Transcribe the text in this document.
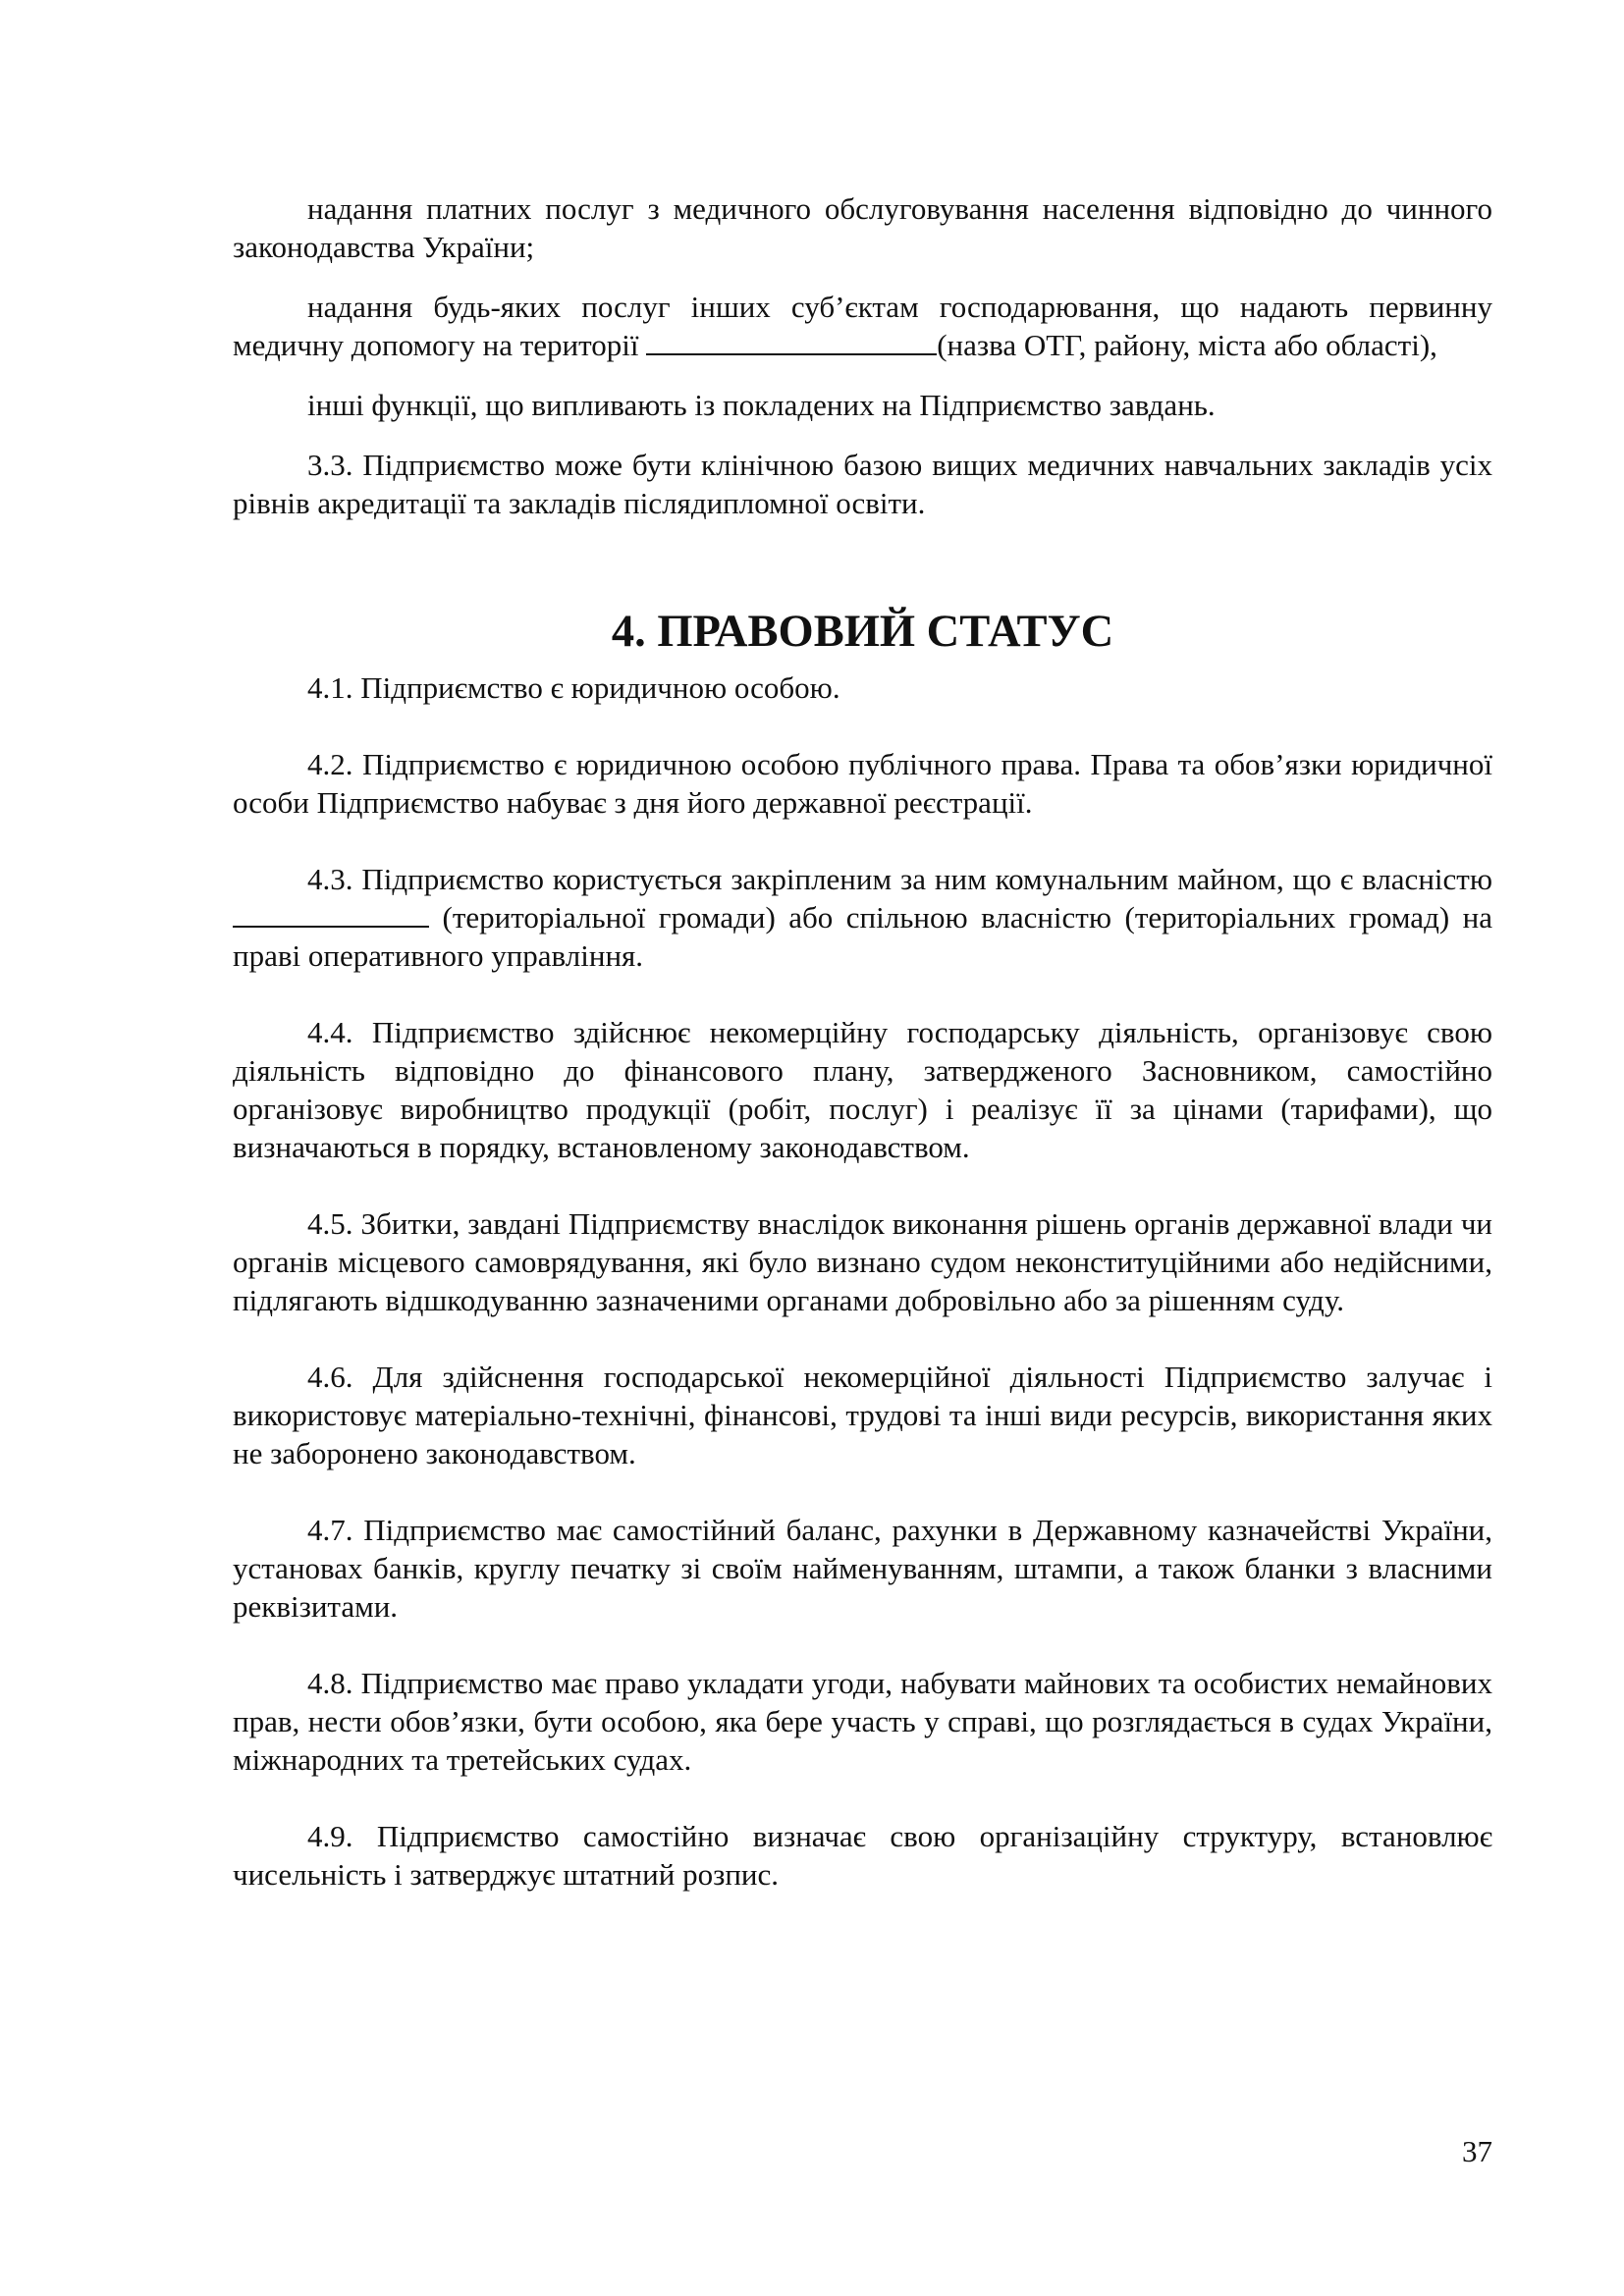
надання платних послуг з медичного обслуговування населення відповідно до чинного законодавства України;

надання будь-яких послуг інших суб’єктам господарювання, що надають первинну медичну допомогу на території	(назва ОТГ, району, міста або області),

інші функції, що випливають із покладених на Підприємство завдань.

3.3. Підприємство може бути клінічною базою вищих медичних навчальних закладів усіх рівнів акредитації та закладів післядипломної освіти.

4. ПРАВОВИЙ СТАТУС

4.1. Підприємство є юридичною особою.

4.2. Підприємство є юридичною особою публічного права. Права та обов’язки юридичної особи Підприємство набуває з дня його державної реєстрації.

4.3. Підприємство користується закріпленим за ним комунальним майном, що є власністю  (територіальної громади) або спільною власністю (територіальних громад) на праві оперативного управління.

4.4. Підприємство здійснює некомерційну господарську діяльність, організовує свою діяльність відповідно до фінансового плану, затвердженого Засновником, самостійно організовує виробництво продукції (робіт, послуг) і реалізує її за цінами (тарифами), що визначаються в порядку, встановленому законодавством.

4.5. Збитки, завдані Підприємству внаслідок виконання рішень органів державної влади чи органів місцевого самоврядування, які було визнано судом неконституційними або недійсними, підлягають відшкодуванню зазначеними органами добровільно або за рішенням суду.

4.6. Для здійснення господарської некомерційної діяльності Підприємство залучає і використовує матеріально-технічні, фінансові, трудові та інші види ресурсів, використання яких не заборонено законодавством.

4.7. Підприємство має самостійний баланс, рахунки в Державному казначействі України, установах банків, круглу печатку зі своїм найменуванням, штампи, а також бланки з власними реквізитами.

4.8. Підприємство має право укладати угоди, набувати майнових та особистих немайнових прав, нести обов’язки, бути особою, яка бере участь у справі, що розглядається в судах України, міжнародних та третейських судах.

4.9. Підприємство самостійно визначає свою організаційну структуру, встановлює чисельність і затверджує штатний розпис.

37
